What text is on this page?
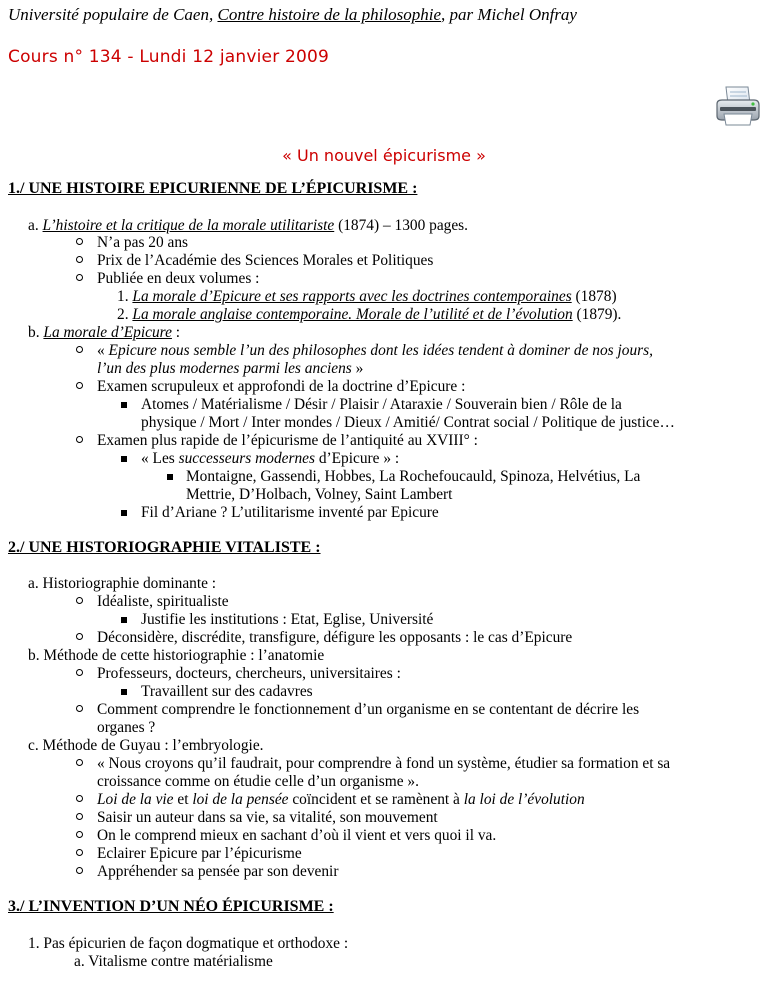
Université populaire de Caen, Contre histoire de la philosophie, par Michel Onfray
Cours n° 134 - Lundi 12 janvier 2009
« Un nouvel épicurisme »
1./ UNE HISTOIRE EPICURIENNE DE L’ÉPICURISME :
a. L’histoire et la critique de la morale utilitariste (1874) – 1300 pages.
N’a pas 20 ans
Prix de l’Académie des Sciences Morales et Politiques
Publiée en deux volumes :
1. La morale d’Epicure et ses rapports avec les doctrines contemporaines (1878)
2. La morale anglaise contemporaine. Morale de l’utilité et de l’évolution (1879).
b. La morale d’Epicure :
« Epicure nous semble l’un des philosophes dont les idées tendent à dominer de nos jours,
l’un des plus modernes parmi les anciens »
Examen scrupuleux et approfondi de la doctrine d’Epicure :
Atomes / Matérialisme / Désir / Plaisir / Ataraxie / Souverain bien / Rôle de la
physique / Mort / Inter mondes / Dieux / Amitié/ Contrat social / Politique de justice…
Examen plus rapide de l’épicurisme de l’antiquité au XVIII° :
« Les successeurs modernes d’Epicure » :
Montaigne, Gassendi, Hobbes, La Rochefoucauld, Spinoza, Helvétius, La
Mettrie, D’Holbach, Volney, Saint Lambert
Fil d’Ariane ? L’utilitarisme inventé par Epicure
2./ UNE HISTORIOGRAPHIE VITALISTE :
a. Historiographie dominante :
Idéaliste, spiritualiste
Justifie les institutions : Etat, Eglise, Université
Déconsidère, discrédite, transfigure, défigure les opposants : le cas d’Epicure
b. Méthode de cette historiographie : l’anatomie
Professeurs, docteurs, chercheurs, universitaires :
Travaillent sur des cadavres
Comment comprendre le fonctionnement d’un organisme en se contentant de décrire les
organes ?
c. Méthode de Guyau : l’embryologie.
« Nous croyons qu’il faudrait, pour comprendre à fond un système, étudier sa formation et sa
croissance comme on étudie celle d’un organisme ».
Loi de la vie et loi de la pensée coïncident et se ramènent à la loi de l’évolution
Saisir un auteur dans sa vie, sa vitalité, son mouvement
On le comprend mieux en sachant d’où il vient et vers quoi il va.
Eclairer Epicure par l’épicurisme
Appréhender sa pensée par son devenir
3./ L’INVENTION D’UN NÉO ÉPICURISME :
1. Pas épicurien de façon dogmatique et orthodoxe :
a. Vitalisme contre matérialisme
